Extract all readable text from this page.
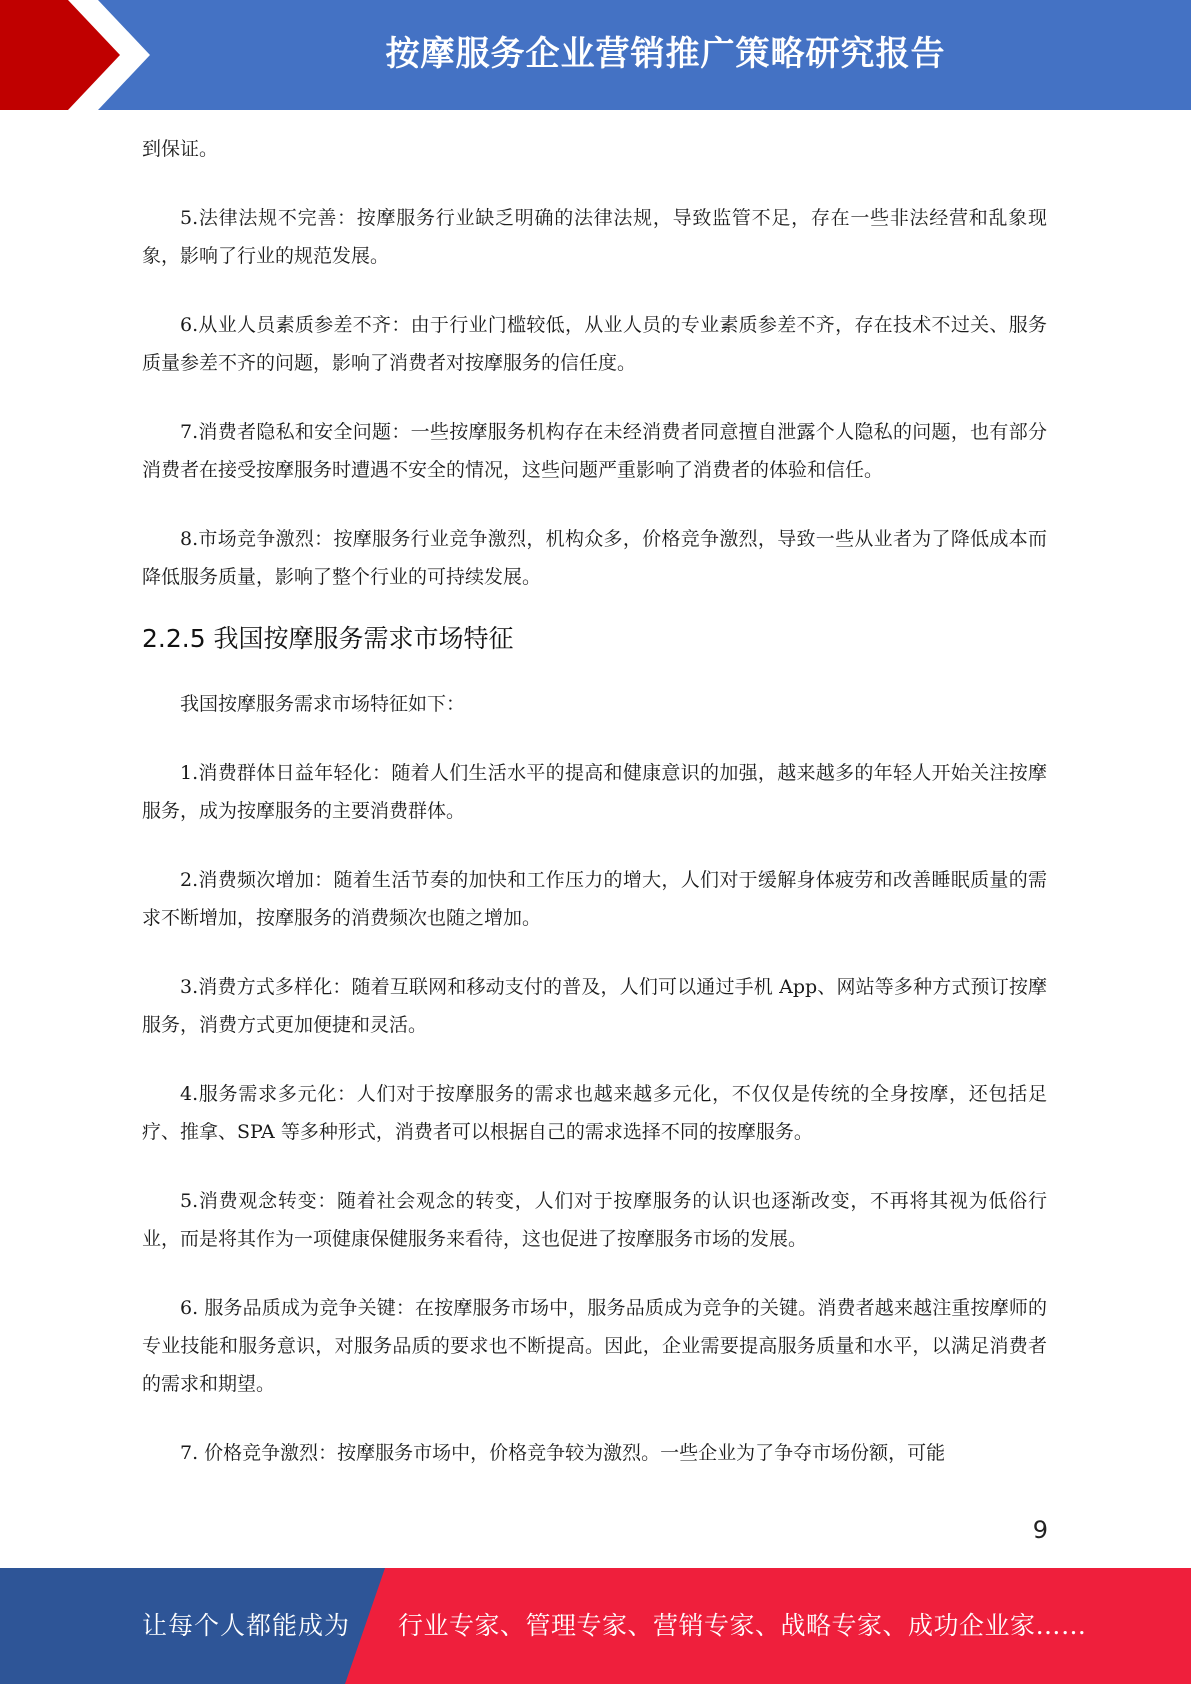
按摩服务企业营销推广策略研究报告

到保证。

5.法律法规不完善：按摩服务行业缺乏明确的法律法规，导致监管不足，存在一些非法经营和乱象现象，影响了行业的规范发展。

6.从业人员素质参差不齐：由于行业门槛较低，从业人员的专业素质参差不齐，存在技术不过关、服务质量参差不齐的问题，影响了消费者对按摩服务的信任度。

7.消费者隐私和安全问题：一些按摩服务机构存在未经消费者同意擅自泄露个人隐私的问题，也有部分消费者在接受按摩服务时遭遇不安全的情况，这些问题严重影响了消费者的体验和信任。

8.市场竞争激烈：按摩服务行业竞争激烈，机构众多，价格竞争激烈，导致一些从业者为了降低成本而降低服务质量，影响了整个行业的可持续发展。

2.2.5 我国按摩服务需求市场特征

我国按摩服务需求市场特征如下：

1.消费群体日益年轻化：随着人们生活水平的提高和健康意识的加强，越来越多的年轻人开始关注按摩服务，成为按摩服务的主要消费群体。

2.消费频次增加：随着生活节奏的加快和工作压力的增大，人们对于缓解身体疲劳和改善睡眠质量的需求不断增加，按摩服务的消费频次也随之增加。

3.消费方式多样化：随着互联网和移动支付的普及，人们可以通过手机 App、网站等多种方式预订按摩服务，消费方式更加便捷和灵活。

4.服务需求多元化：人们对于按摩服务的需求也越来越多元化，不仅仅是传统的全身按摩，还包括足疗、推拿、SPA 等多种形式，消费者可以根据自己的需求选择不同的按摩服务。

5.消费观念转变：随着社会观念的转变，人们对于按摩服务的认识也逐渐改变，不再将其视为低俗行业，而是将其作为一项健康保健服务来看待，这也促进了按摩服务市场的发展。

6. 服务品质成为竞争关键：在按摩服务市场中，服务品质成为竞争的关键。消费者越来越注重按摩师的专业技能和服务意识，对服务品质的要求也不断提高。因此，企业需要提高服务质量和水平，以满足消费者的需求和期望。

7. 价格竞争激烈：按摩服务市场中，价格竞争较为激烈。一些企业为了争夺市场份额，可能

9
让每个人都能成为 行业专家、管理专家、营销专家、战略专家、成功企业家……
